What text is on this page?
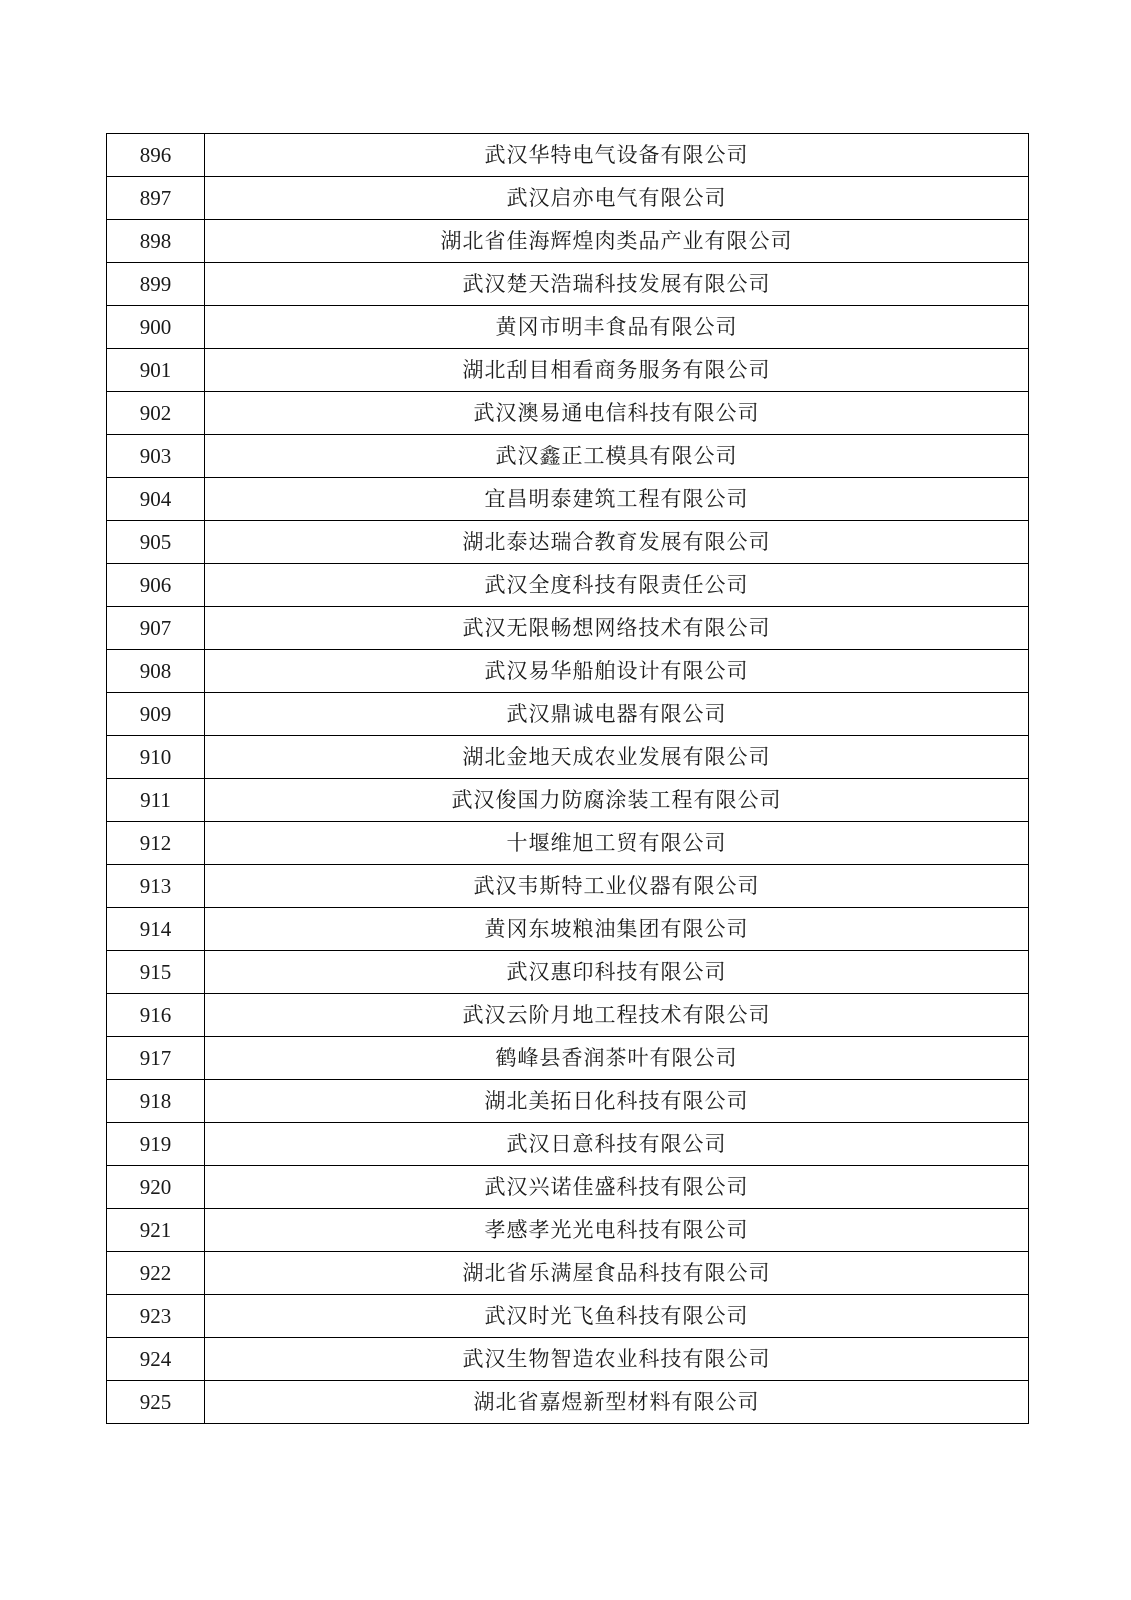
896	武汉华特电气设备有限公司
897	武汉启亦电气有限公司
898	湖北省佳海辉煌肉类品产业有限公司
899	武汉楚天浩瑞科技发展有限公司
900	黄冈市明丰食品有限公司
901	湖北刮目相看商务服务有限公司
902	武汉澳易通电信科技有限公司
903	武汉鑫正工模具有限公司
904	宜昌明泰建筑工程有限公司
905	湖北泰达瑞合教育发展有限公司
906	武汉全度科技有限责任公司
907	武汉无限畅想网络技术有限公司
908	武汉易华船舶设计有限公司
909	武汉鼎诚电器有限公司
910	湖北金地天成农业发展有限公司
911	武汉俊国力防腐涂装工程有限公司
912	十堰维旭工贸有限公司
913	武汉韦斯特工业仪器有限公司
914	黄冈东坡粮油集团有限公司
915	武汉惠印科技有限公司
916	武汉云阶月地工程技术有限公司
917	鹤峰县香润茶叶有限公司
918	湖北美拓日化科技有限公司
919	武汉日意科技有限公司
920	武汉兴诺佳盛科技有限公司
921	孝感孝光光电科技有限公司
922	湖北省乐满屋食品科技有限公司
923	武汉时光飞鱼科技有限公司
924	武汉生物智造农业科技有限公司
925	湖北省嘉煜新型材料有限公司
